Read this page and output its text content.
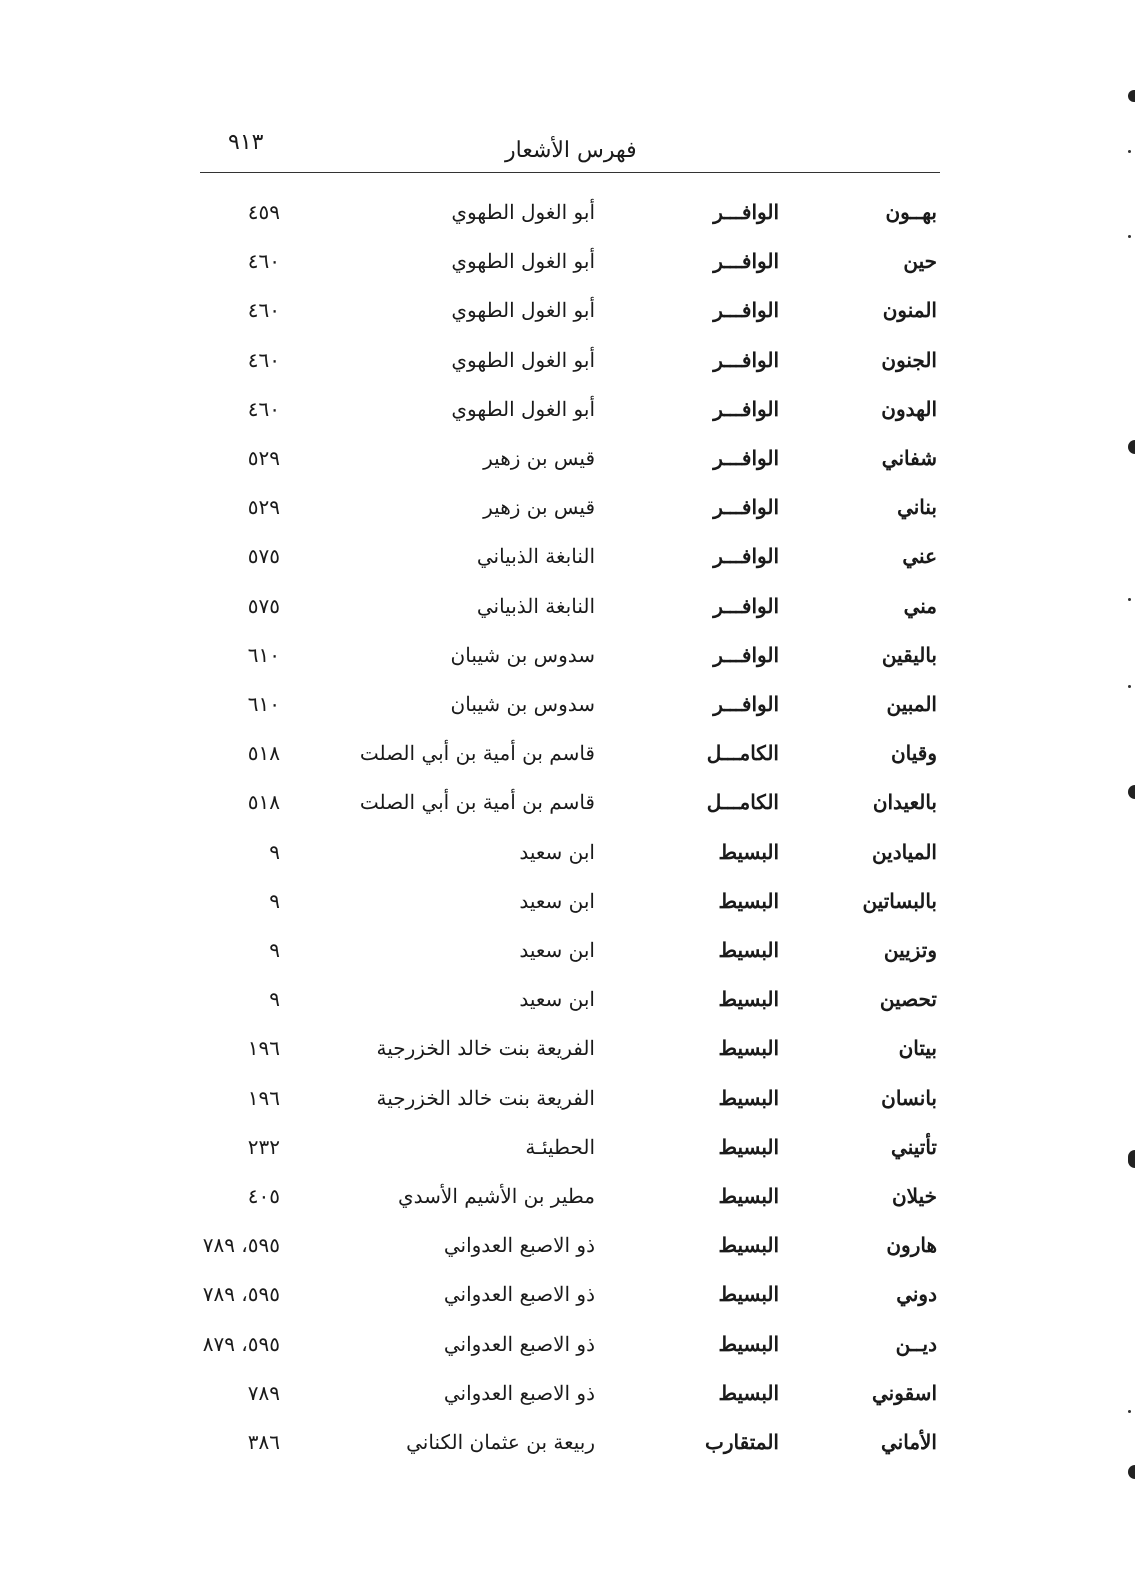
٩١٣	فهرس الأشعار
بهــون
الوافـــر
أبو الغول الطهوي
٤٥٩
حين
الوافـــر
أبو الغول الطهوي
٤٦٠
المنون
الوافـــر
أبو الغول الطهوي
٤٦٠
الجنون
الوافـــر
أبو الغول الطهوي
٤٦٠
الهدون
الوافـــر
أبو الغول الطهوي
٤٦٠
شفاني
الوافـــر
قيس بن زهير
٥٢٩
بناني
الوافـــر
قيس بن زهير
٥٢٩
عني
الوافـــر
النابغة الذبياني
٥٧٥
مني
الوافـــر
النابغة الذبياني
٥٧٥
باليقين
الوافـــر
سدوس بن شيبان
٦١٠
المبين
الوافـــر
سدوس بن شيبان
٦١٠
وقيان
الكامـــل
قاسم بن أمية بن أبي الصلت
٥١٨
بالعيدان
الكامـــل
قاسم بن أمية بن أبي الصلت
٥١٨
الميادين
البسيط
ابن سعيد
٩
بالبساتين
البسيط
ابن سعيد
٩
وتزيين
البسيط
ابن سعيد
٩
تحصين
البسيط
ابن سعيد
٩
بيتان
البسيط
الفريعة بنت خالد الخزرجية
١٩٦
بانسان
البسيط
الفريعة بنت خالد الخزرجية
١٩٦
تأتيني
البسيط
الحطيئـة
٢٣٢
خيلان
البسيط
مطير بن الأشيم الأسدي
٤٠٥
هارون
البسيط
ذو الاصبع العدواني
٥٩٥، ٧٨٩
دوني
البسيط
ذو الاصبع العدواني
٥٩٥، ٧٨٩
ديــن
البسيط
ذو الاصبع العدواني
٥٩٥، ٨٧٩
اسقوني
البسيط
ذو الاصبع العدواني
٧٨٩
الأماني
المتقارب
ربيعة بن عثمان الكناني
٣٨٦
